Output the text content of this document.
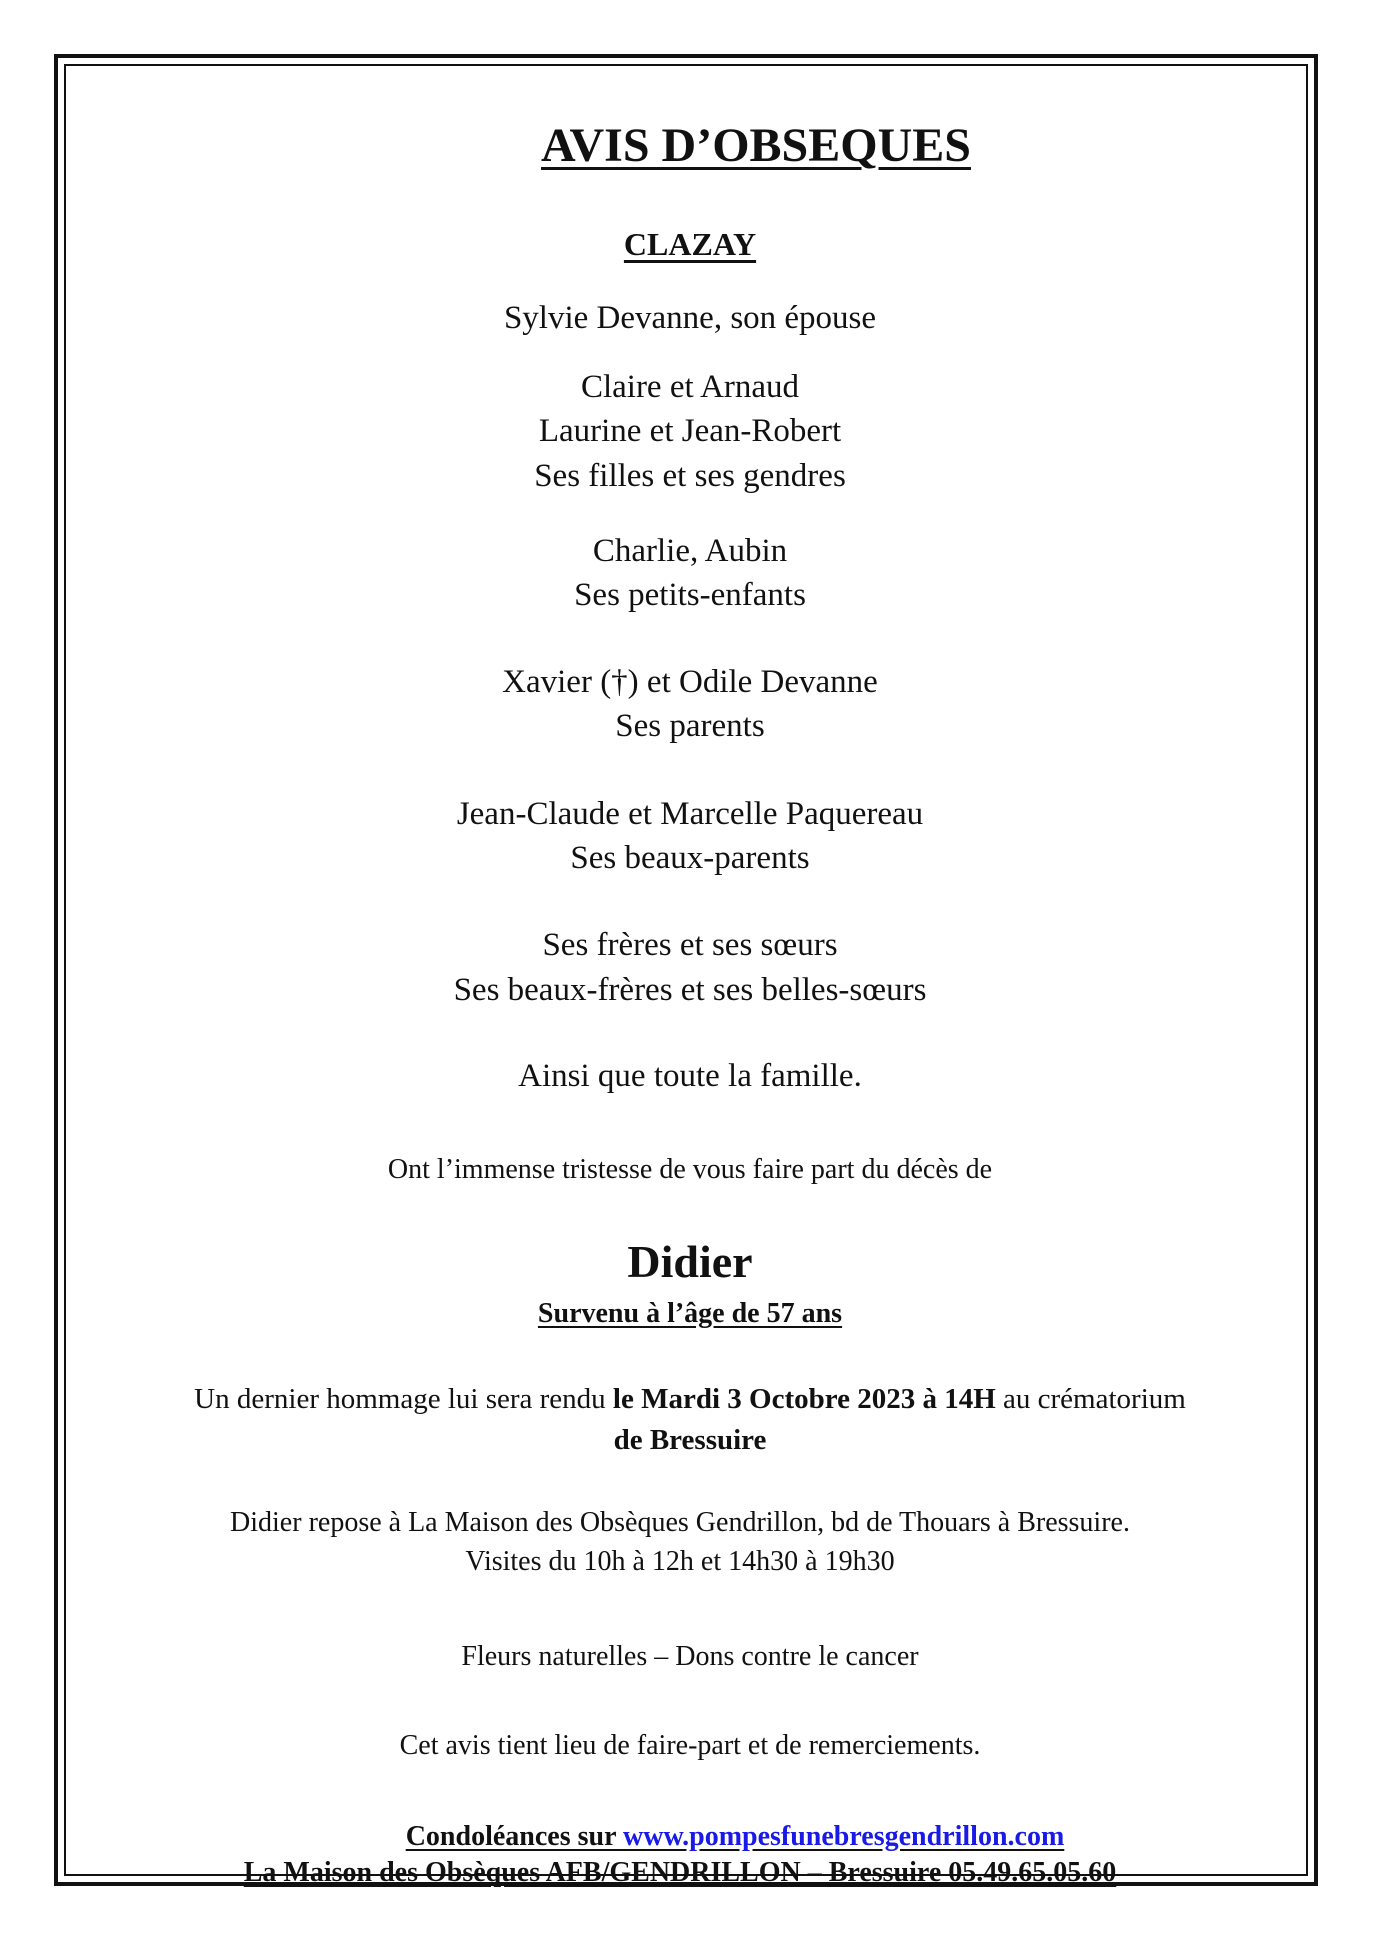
AVIS D’OBSEQUES
CLAZAY
Sylvie Devanne, son épouse
Claire et Arnaud
Laurine et Jean-Robert
Ses filles et ses gendres
Charlie, Aubin
Ses petits-enfants
Xavier (†) et Odile Devanne
Ses parents
Jean-Claude et Marcelle Paquereau
Ses beaux-parents
Ses frères et ses sœurs
Ses beaux-frères et ses belles-sœurs
Ainsi que toute la famille.
Ont l’immense tristesse de vous faire part du décès de
Didier
Survenu à l’âge de 57 ans
Un dernier hommage lui sera rendu le Mardi 3 Octobre 2023 à 14H au crématorium
de Bressuire
Didier repose à La Maison des Obsèques Gendrillon, bd de Thouars à Bressuire.
Visites du 10h à 12h et 14h30 à 19h30
Fleurs naturelles – Dons contre le cancer
Cet avis tient lieu de faire-part et de remerciements.
Condoléances sur www.pompesfunebresgendrillon.com
La Maison des Obsèques AFB/GENDRILLON – Bressuire 05.49.65.05.60
